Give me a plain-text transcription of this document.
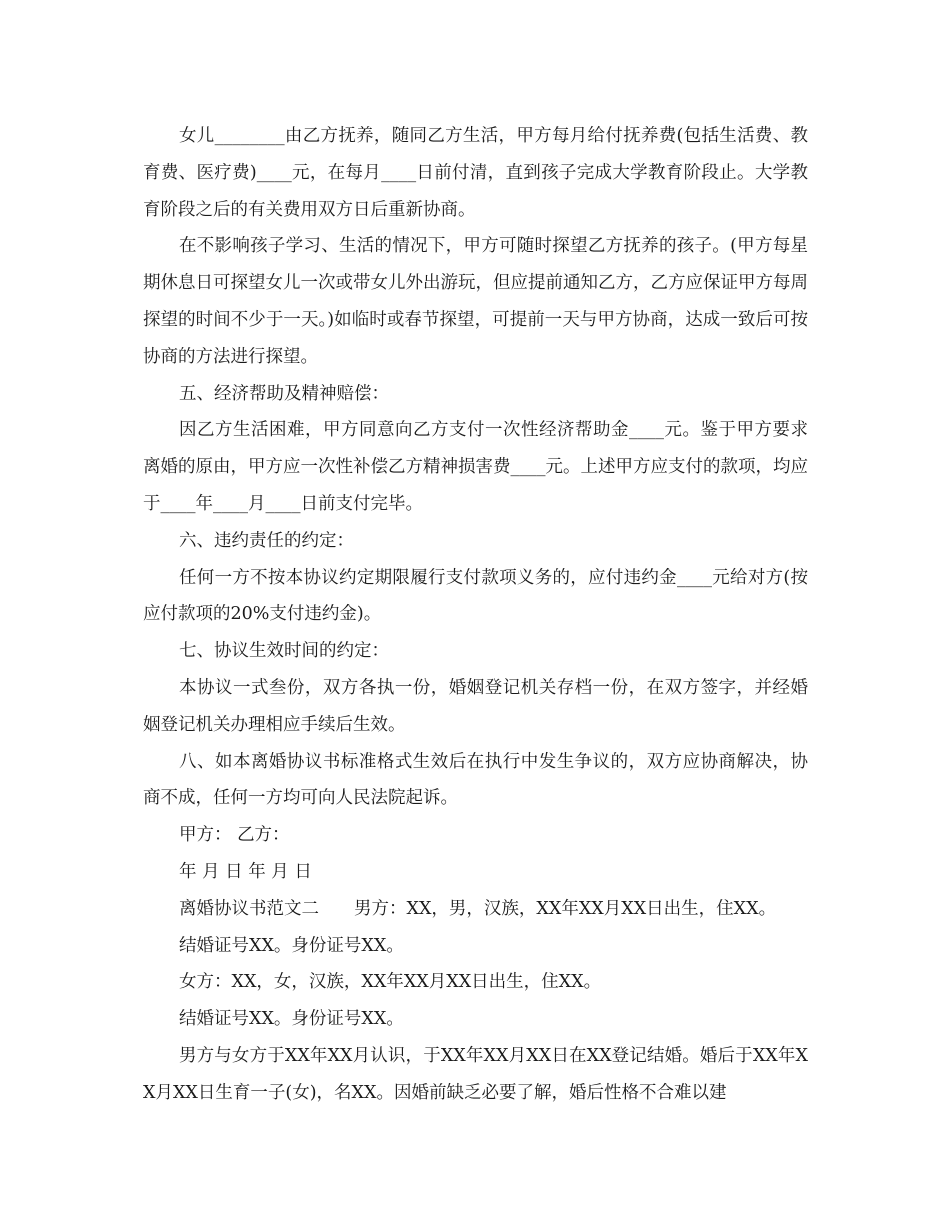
女儿________由乙方抚养，随同乙方生活，甲方每月给付抚养费(包括生活费、教育费、医疗费)____元，在每月____日前付清，直到孩子完成大学教育阶段止。大学教育阶段之后的有关费用双方日后重新协商。

在不影响孩子学习、生活的情况下，甲方可随时探望乙方抚养的孩子。(甲方每星期休息日可探望女儿一次或带女儿外出游玩，但应提前通知乙方，乙方应保证甲方每周探望的时间不少于一天。)如临时或春节探望，可提前一天与甲方协商，达成一致后可按协商的方法进行探望。

五、经济帮助及精神赔偿：

因乙方生活困难，甲方同意向乙方支付一次性经济帮助金____元。鉴于甲方要求离婚的原由，甲方应一次性补偿乙方精神损害费____元。上述甲方应支付的款项，均应于____年____月____日前支付完毕。

六、违约责任的约定：

任何一方不按本协议约定期限履行支付款项义务的，应付违约金____元给对方(按应付款项的20%支付违约金)。

七、协议生效时间的约定：

本协议一式叁份，双方各执一份，婚姻登记机关存档一份，在双方签字，并经婚姻登记机关办理相应手续后生效。

八、如本离婚协议书标准格式生效后在执行中发生争议的，双方应协商解决，协商不成，任何一方均可向人民法院起诉。

甲方： 乙方：

年 月 日 年 月 日

离婚协议书范文二　　男方：XX，男，汉族，XX年XX月XX日出生，住XX。

结婚证号XX。身份证号XX。

女方：XX，女，汉族，XX年XX月XX日出生，住XX。

结婚证号XX。身份证号XX。

男方与女方于XX年XX月认识，于XX年XX月XX日在XX登记结婚。婚后于XX年XX月XX日生育一子(女)，名XX。因婚前缺乏必要了解，婚后性格不合难以建
